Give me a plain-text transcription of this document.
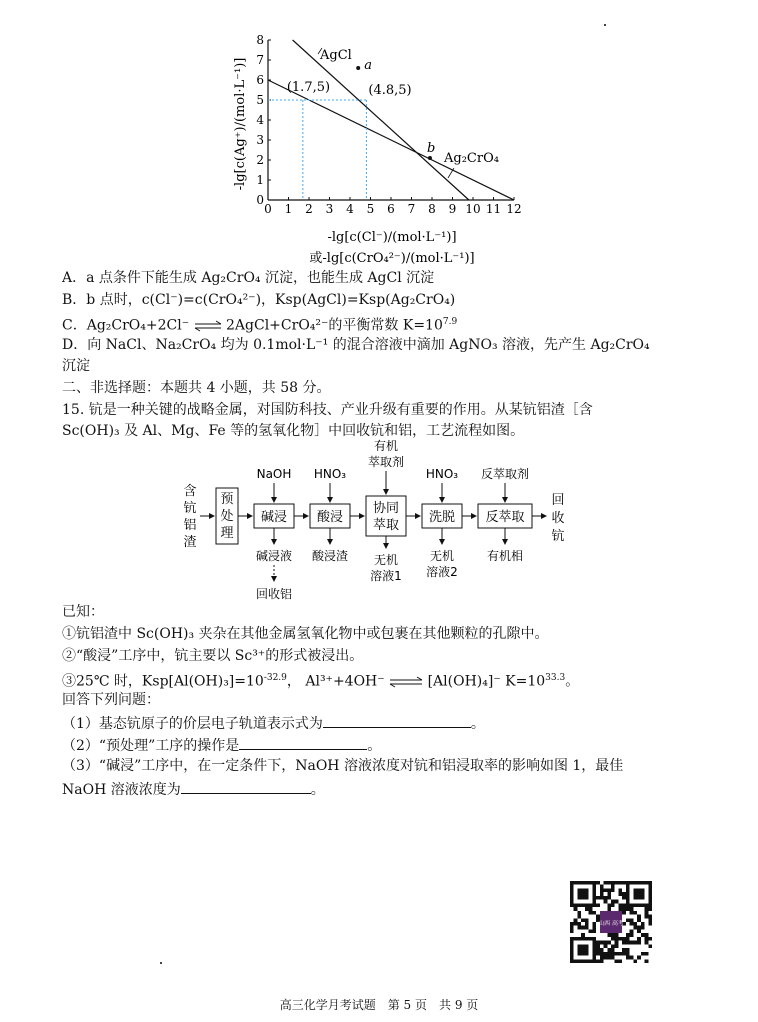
0 1 2 3 4 5 6 7 8 9 10 11 12
0
1
2
3
4
5
6
7
8
a
b
(1.7,5)	(4.8,5)
AgCl
Ag₂CrO₄
-lg[c(Ag⁺)/(mol·L⁻¹)]
-lg[c(Cl⁻)/(mol·L⁻¹)]
或-lg[c(CrO₄²⁻)/(mol·L⁻¹)]
A．a 点条件下能生成 Ag₂CrO₄ 沉淀，也能生成 AgCl 沉淀
B．b 点时，c(Cl⁻)=c(CrO₄²⁻)，Ksp(AgCl)=Ksp(Ag₂CrO₄)
C．Ag₂CrO₄+2Cl⁻ ⇌ 2AgCl+CrO₄²⁻的平衡常数 $K=10^{7.9}$
D．向 NaCl、Na₂CrO₄ 均为 0.1mol·L⁻¹ 的混合溶液中滴加 AgNO₃ 溶液，先产生 Ag₂CrO₄
沉淀
二、非选择题：本题共 4 小题，共 58 分。
15. 钪是一种关键的战略金属，对国防科技、产业升级有重要的作用。从某钪铝渣［含
Sc(OH)₃ 及 Al、Mg、Fe 等的氢氧化物］中回收钪和铝，工艺流程如图。
含
钪
铝
渣
预
处
理
碱浸
NaOH
碱浸液
回收铝
酸浸
HNO₃
酸浸渣
协同
萃取
有机
萃取剂
无机
溶液1
洗脱
HNO₃
无机
溶液2
反萃取
反萃取剂
有机相
回
收
钪
已知：
①钪铝渣中 Sc(OH)₃ 夹杂在其他金属氢氧化物中或包裹在其他颗粒的孔隙中。
②“酸浸”工序中，钪主要以 Sc³⁺的形式被浸出。
③25℃ 时，$Ksp[Al(OH)_3]=10^{-32.9}$， Al³⁺+4OH⁻ ⇌ [Al(OH)₄]⁻ $K=10^{33.3}$。
回答下列问题：
（1）基态钪原子的价层电子轨道表示式为	。
（2）“预处理”工序的操作是	。
（3）“碱浸”工序中，在一定条件下，NaOH 溶液浓度对钪和铝浸取率的影响如图 1，最佳
NaOH 溶液浓度为	。
山西 高考
高三化学月考试题　第 5 页　共 9 页
